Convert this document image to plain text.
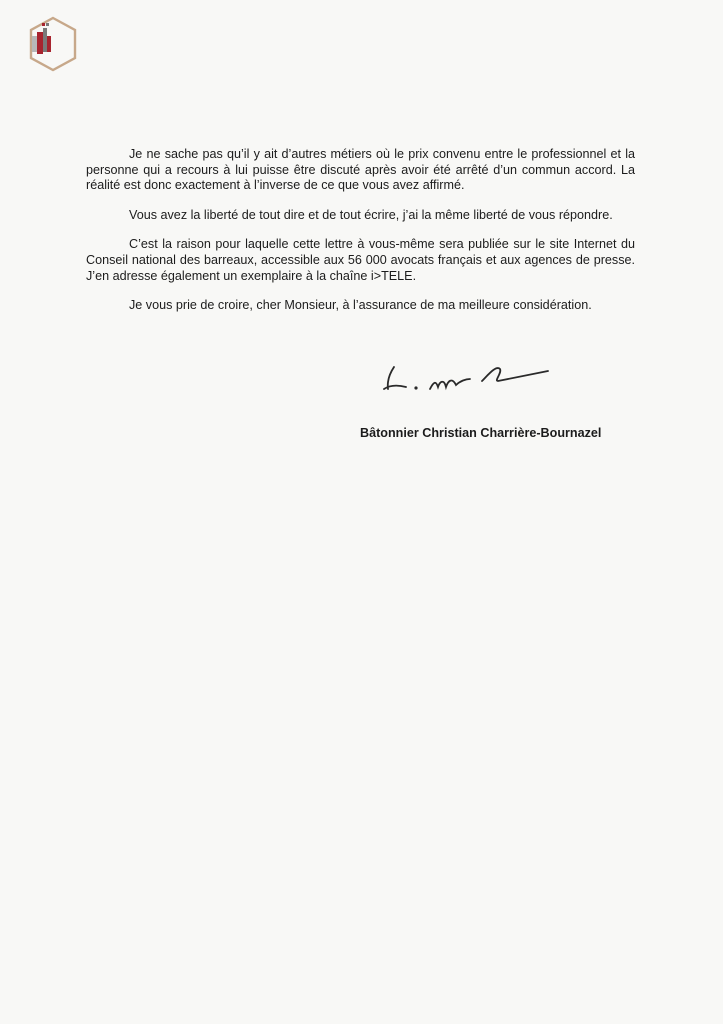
Je ne sache pas qu’il y ait d’autres métiers où le prix convenu entre le professionnel et la personne qui a recours à lui puisse être discuté après avoir été arrêté d’un commun accord. La réalité est donc exactement à l’inverse de ce que vous avez affirmé.

Vous avez la liberté de tout dire et de tout écrire, j’ai la même liberté de vous répondre.

C’est la raison pour laquelle cette lettre à vous-même sera publiée sur le site Internet du Conseil national des barreaux, accessible aux 56 000 avocats français et aux agences de presse. J’en adresse également un exemplaire à la chaîne i>TELE.

Je vous prie de croire, cher Monsieur, à l’assurance de ma meilleure considération.

Bâtonnier Christian Charrière-Bournazel
